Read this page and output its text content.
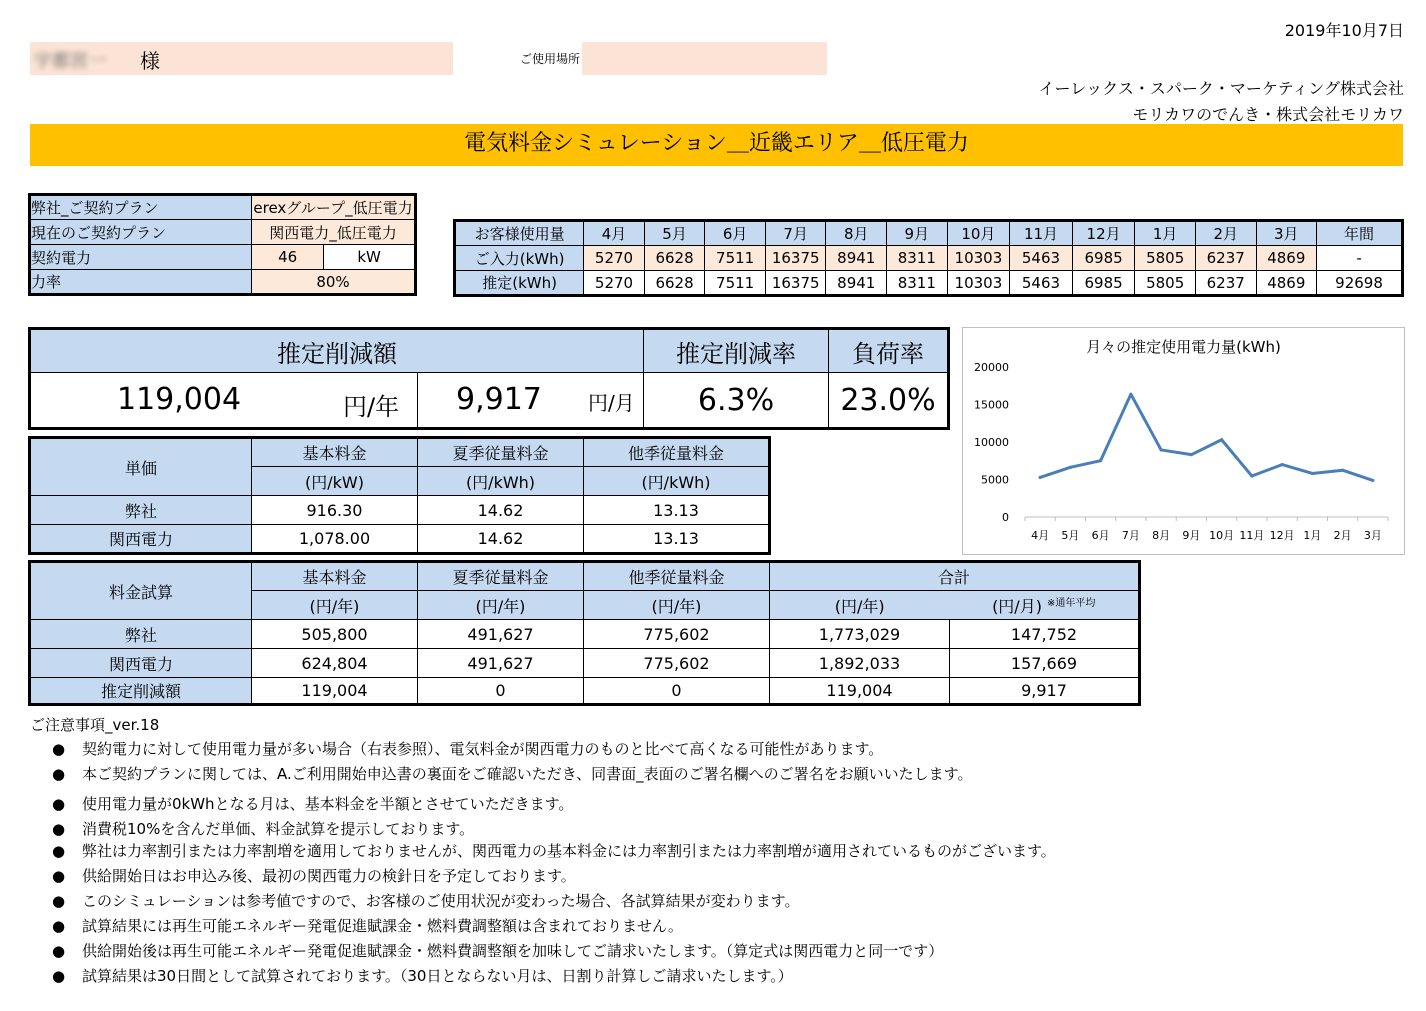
2019年10月7日
宇都宮一 様	ご使用場所
イーレックス・スパーク・マーケティング株式会社
モリカワのでんき・株式会社モリカワ
電気料金シミュレーション＿近畿エリア＿低圧電力
弊社_ご契約プラン	erexグループ_低圧電力	
現在のご契約プラン	関西電力_低圧電力	
契約電力	46	kW
力率	80%	
お客様使用量	4月	5月	6月	7月	8月	9月	10月	11月	12月	1月	2月	3月	年間
ご入力(kWh)	5270	6628	7511	16375	8941	8311	10303	5463	6985	5805	6237	4869	-
推定(kWh)	5270	6628	7511	16375	8941	8311	10303	5463	6985	5805	6237	4869	92698
推定削減額		推定削減率	負荷率

119,004 円/年	9,917 円/月	6.3%	23.0%
単価	基本料金	夏季従量料金	他季従量料金
	(円/kW)	(円/kWh)	(円/kWh)
弊社	916.30	14.62	13.13
関西電力	1,078.00	14.62	13.13
料金試算	基本料金	夏季従量料金	他季従量料金	合計	
	(円/年)	(円/年)	(円/年)	(円/年)	(円/月) $^{※通年平均}$
弊社	505,800	491,627	775,602	1,773,029	147,752
関西電力	624,804	491,627	775,602	1,892,033	157,669
推定削減額	119,004	0	0	119,004	9,917
月々の推定使用電力量(kWh)
0
5000
10000
15000
20000
4月 5月 6月 7月 8月 9月 10月 11月 12月 1月 2月 3月
ご注意事項_ver.18
● 契約電力に対して使用電力量が多い場合（右表参照）、電気料金が関西電力のものと比べて高くなる可能性があります。
● 本ご契約プランに関しては、A.ご利用開始申込書の裏面をご確認いただき、同書面_表面のご署名欄へのご署名をお願いいたします。
● 使用電力量が0kWhとなる月は、基本料金を半額とさせていただきます。
● 消費税10%を含んだ単価、料金試算を提示しております。
● 弊社は力率割引または力率割増を適用しておりませんが、関西電力の基本料金には力率割引または力率割増が適用されているものがございます。
● 供給開始日はお申込み後、最初の関西電力の検針日を予定しております。
● このシミュレーションは参考値ですので、お客様のご使用状況が変わった場合、各試算結果が変わります。
● 試算結果には再生可能エネルギー発電促進賦課金・燃料費調整額は含まれておりません。
● 供給開始後は再生可能エネルギー発電促進賦課金・燃料費調整額を加味してご請求いたします。（算定式は関西電力と同一です）
● 試算結果は30日間として試算されております。（30日とならない月は、日割り計算しご請求いたします。）
